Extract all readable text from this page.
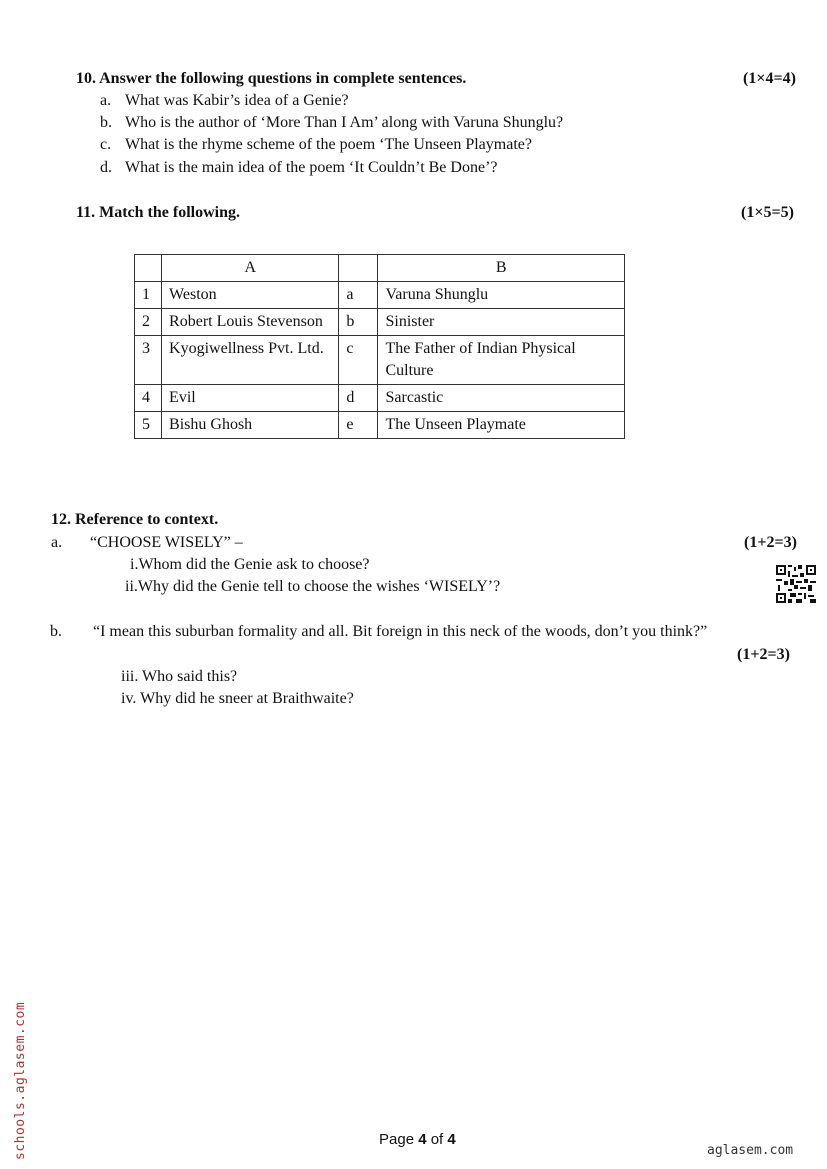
10. Answer the following questions in complete sentences.	(1×4=4)
a. What was Kabir’s idea of a Genie?
b. Who is the author of ‘More Than I Am’ along with Varuna Shunglu?
c. What is the rhyme scheme of the poem ‘The Unseen Playmate?
d. What is the main idea of the poem ‘It Couldn’t Be Done’?
11. Match the following.	(1×5=5)
	A		B
1	Weston	a	Varuna Shunglu
2	Robert Louis Stevenson	b	Sinister
3	Kyogiwellness Pvt. Ltd.	c	The Father of Indian Physical Culture
4	Evil	d	Sarcastic
5	Bishu Ghosh	e	The Unseen Playmate
12. Reference to context.
a. “CHOOSE WISELY” –	(1+2=3)
i.Whom did the Genie ask to choose?
ii.Why did the Genie tell to choose the wishes ‘WISELY’?
b. “I mean this suburban formality and all. Bit foreign in this neck of the woods, don’t you think?”
(1+2=3)
iii. Who said this?
iv. Why did he sneer at Braithwaite?
schools.aglasem.com	Page 4 of 4
aglasem.com
